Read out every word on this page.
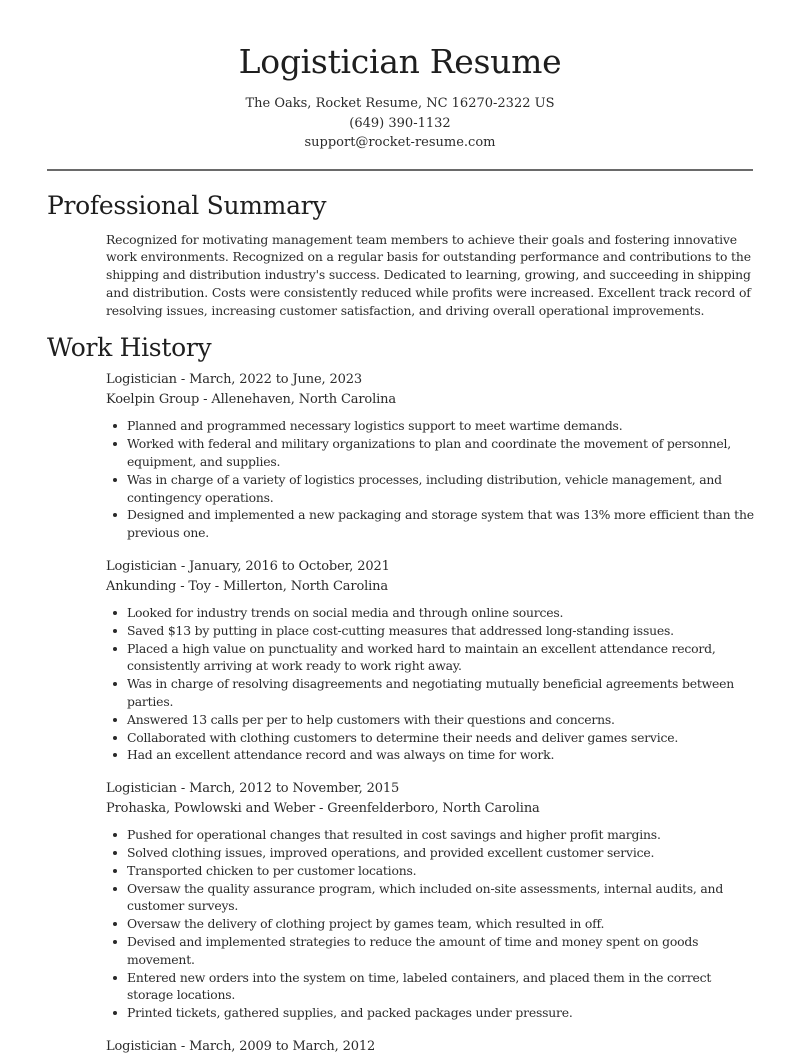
Logistician Resume
The Oaks, Rocket Resume, NC 16270-2322 US
(649) 390-1132
support@rocket-resume.com
Professional Summary

Recognized for motivating management team members to achieve their goals and fostering innovative work environments. Recognized on a regular basis for outstanding performance and contributions to the shipping and distribution industry's success. Dedicated to learning, growing, and succeeding in shipping and distribution. Costs were consistently reduced while profits were increased. Excellent track record of resolving issues, increasing customer satisfaction, and driving overall operational improvements.

Work History
Logistician - March, 2022 to June, 2023
Koelpin Group - Allenehaven, North Carolina
Planned and programmed necessary logistics support to meet wartime demands.
Worked with federal and military organizations to plan and coordinate the movement of personnel, equipment, and supplies.
Was in charge of a variety of logistics processes, including distribution, vehicle management, and contingency operations.
Designed and implemented a new packaging and storage system that was 13% more efficient than the previous one.
Logistician - January, 2016 to October, 2021
Ankunding - Toy - Millerton, North Carolina
Looked for industry trends on social media and through online sources.
Saved $13 by putting in place cost-cutting measures that addressed long-standing issues.
Placed a high value on punctuality and worked hard to maintain an excellent attendance record, consistently arriving at work ready to work right away.
Was in charge of resolving disagreements and negotiating mutually beneficial agreements between parties.
Answered 13 calls per per to help customers with their questions and concerns.
Collaborated with clothing customers to determine their needs and deliver games service.
Had an excellent attendance record and was always on time for work.
Logistician - March, 2012 to November, 2015
Prohaska, Powlowski and Weber - Greenfelderboro, North Carolina
Pushed for operational changes that resulted in cost savings and higher profit margins.
Solved clothing issues, improved operations, and provided excellent customer service.
Transported chicken to per customer locations.
Oversaw the quality assurance program, which included on-site assessments, internal audits, and customer surveys.
Oversaw the delivery of clothing project by games team, which resulted in off.
Devised and implemented strategies to reduce the amount of time and money spent on goods movement.
Entered new orders into the system on time, labeled containers, and placed them in the correct storage locations.
Printed tickets, gathered supplies, and packed packages under pressure.
Logistician - March, 2009 to March, 2012
